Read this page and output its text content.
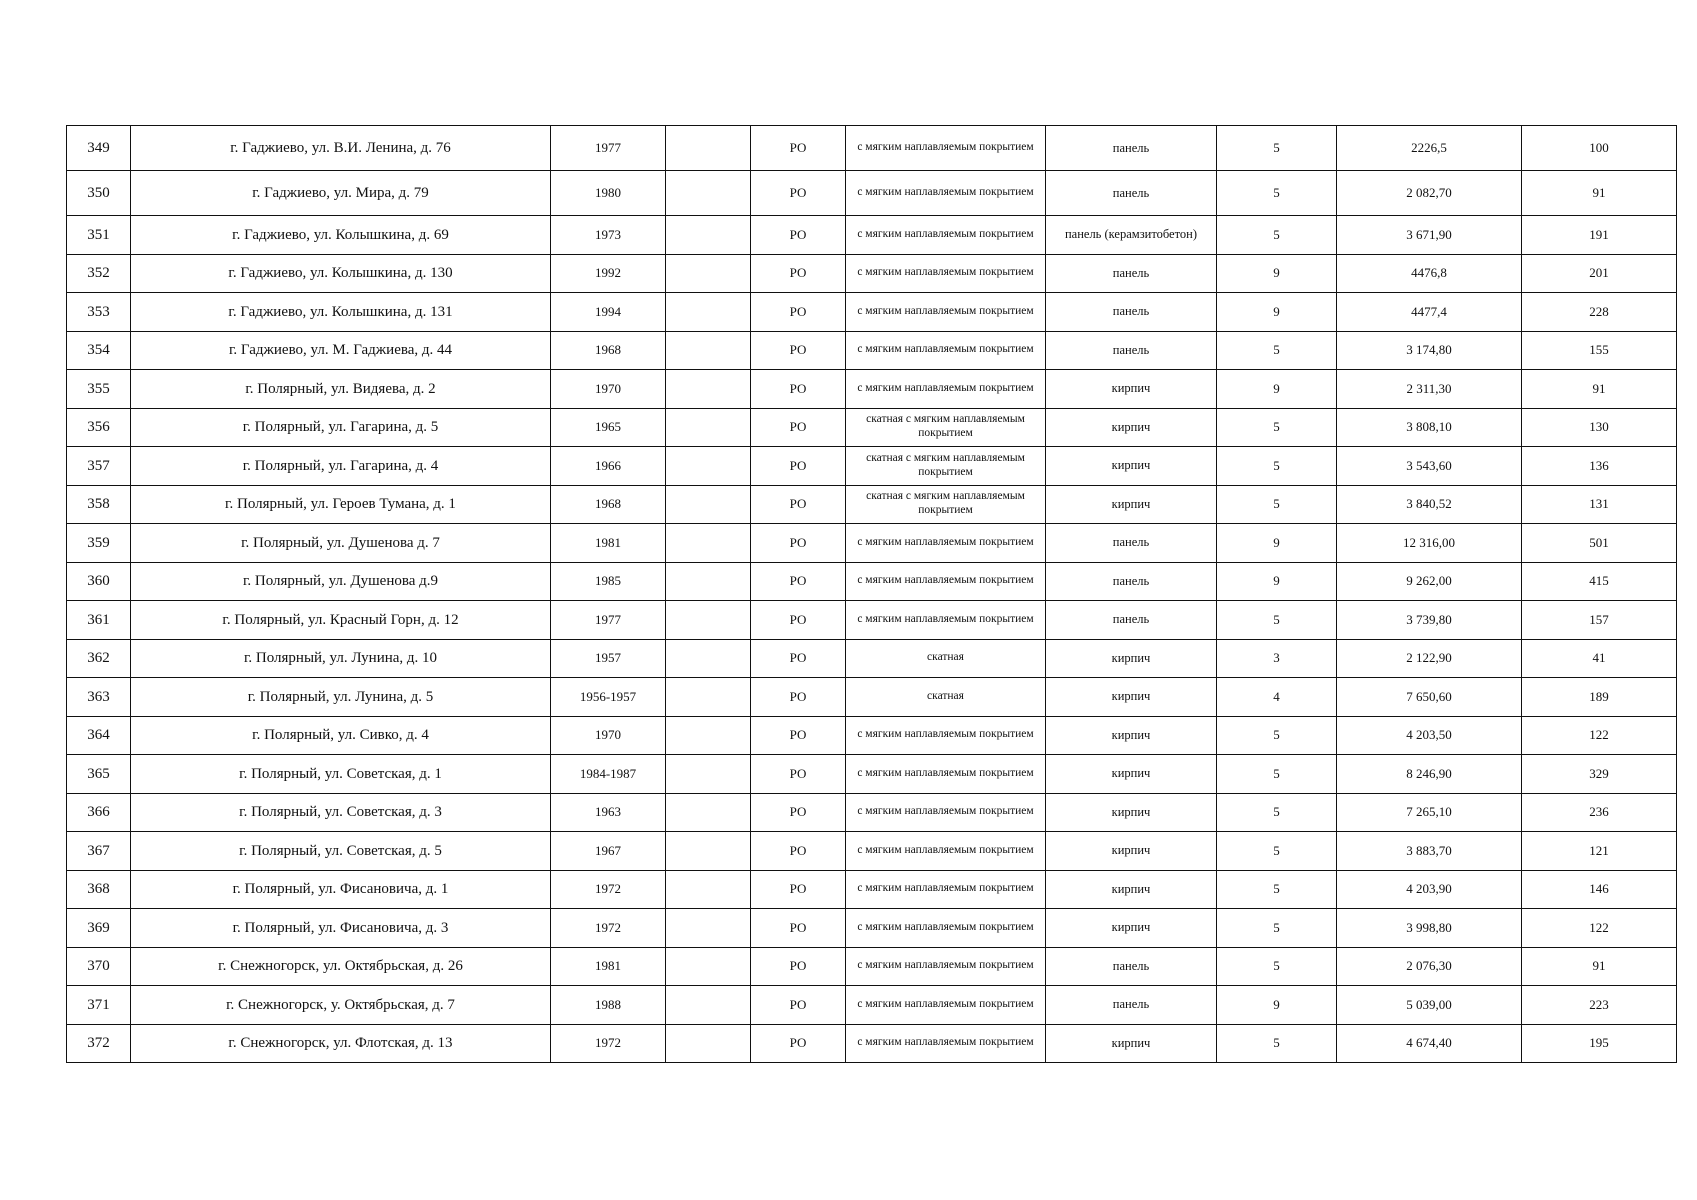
349	г. Гаджиево, ул. В.И. Ленина, д. 76	1977		РО	с мягким наплавляемым покрытием	панель	5	2226,5	100
350	г. Гаджиево, ул. Мира, д. 79	1980		РО	с мягким наплавляемым покрытием	панель	5	2 082,70	91
351	г. Гаджиево, ул. Колышкина, д. 69	1973		РО	с мягким наплавляемым покрытием	панель (керамзитобетон)	5	3 671,90	191
352	г. Гаджиево, ул. Колышкина, д. 130	1992		РО	с мягким наплавляемым покрытием	панель	9	4476,8	201
353	г. Гаджиево, ул. Колышкина, д. 131	1994		РО	с мягким наплавляемым покрытием	панель	9	4477,4	228
354	г. Гаджиево, ул. М. Гаджиева, д. 44	1968		РО	с мягким наплавляемым покрытием	панель	5	3 174,80	155
355	г. Полярный, ул. Видяева, д. 2	1970		РО	с мягким наплавляемым покрытием	кирпич	9	2 311,30	91
356	г. Полярный, ул. Гагарина, д. 5	1965		РО	скатная с мягким наплавляемым покрытием	кирпич	5	3 808,10	130
357	г. Полярный, ул. Гагарина, д. 4	1966		РО	скатная с мягким наплавляемым покрытием	кирпич	5	3 543,60	136
358	г. Полярный, ул. Героев Тумана, д. 1	1968		РО	скатная с мягким наплавляемым покрытием	кирпич	5	3 840,52	131
359	г. Полярный, ул. Душенова д. 7	1981		РО	с мягким наплавляемым покрытием	панель	9	12 316,00	501
360	г. Полярный, ул. Душенова д.9	1985		РО	с мягким наплавляемым покрытием	панель	9	9 262,00	415
361	г. Полярный, ул. Красный Горн, д. 12	1977		РО	с мягким наплавляемым покрытием	панель	5	3 739,80	157
362	г. Полярный, ул. Лунина, д. 10	1957		РО	скатная	кирпич	3	2 122,90	41
363	г. Полярный, ул. Лунина, д. 5	1956-1957		РО	скатная	кирпич	4	7 650,60	189
364	г. Полярный, ул. Сивко, д. 4	1970		РО	с мягким наплавляемым покрытием	кирпич	5	4 203,50	122
365	г. Полярный, ул. Советская, д. 1	1984-1987		РО	с мягким наплавляемым покрытием	кирпич	5	8 246,90	329
366	г. Полярный, ул. Советская, д. 3	1963		РО	с мягким наплавляемым покрытием	кирпич	5	7 265,10	236
367	г. Полярный, ул. Советская, д. 5	1967		РО	с мягким наплавляемым покрытием	кирпич	5	3 883,70	121
368	г. Полярный, ул. Фисановича, д. 1	1972		РО	с мягким наплавляемым покрытием	кирпич	5	4 203,90	146
369	г. Полярный, ул. Фисановича, д. 3	1972		РО	с мягким наплавляемым покрытием	кирпич	5	3 998,80	122
370	г. Снежногорск, ул. Октябрьская, д. 26	1981		РО	с мягким наплавляемым покрытием	панель	5	2 076,30	91
371	г. Снежногорск, у. Октябрьская, д. 7	1988		РО	с мягким наплавляемым покрытием	панель	9	5 039,00	223
372	г. Снежногорск, ул. Флотская, д. 13	1972		РО	с мягким наплавляемым покрытием	кирпич	5	4 674,40	195
